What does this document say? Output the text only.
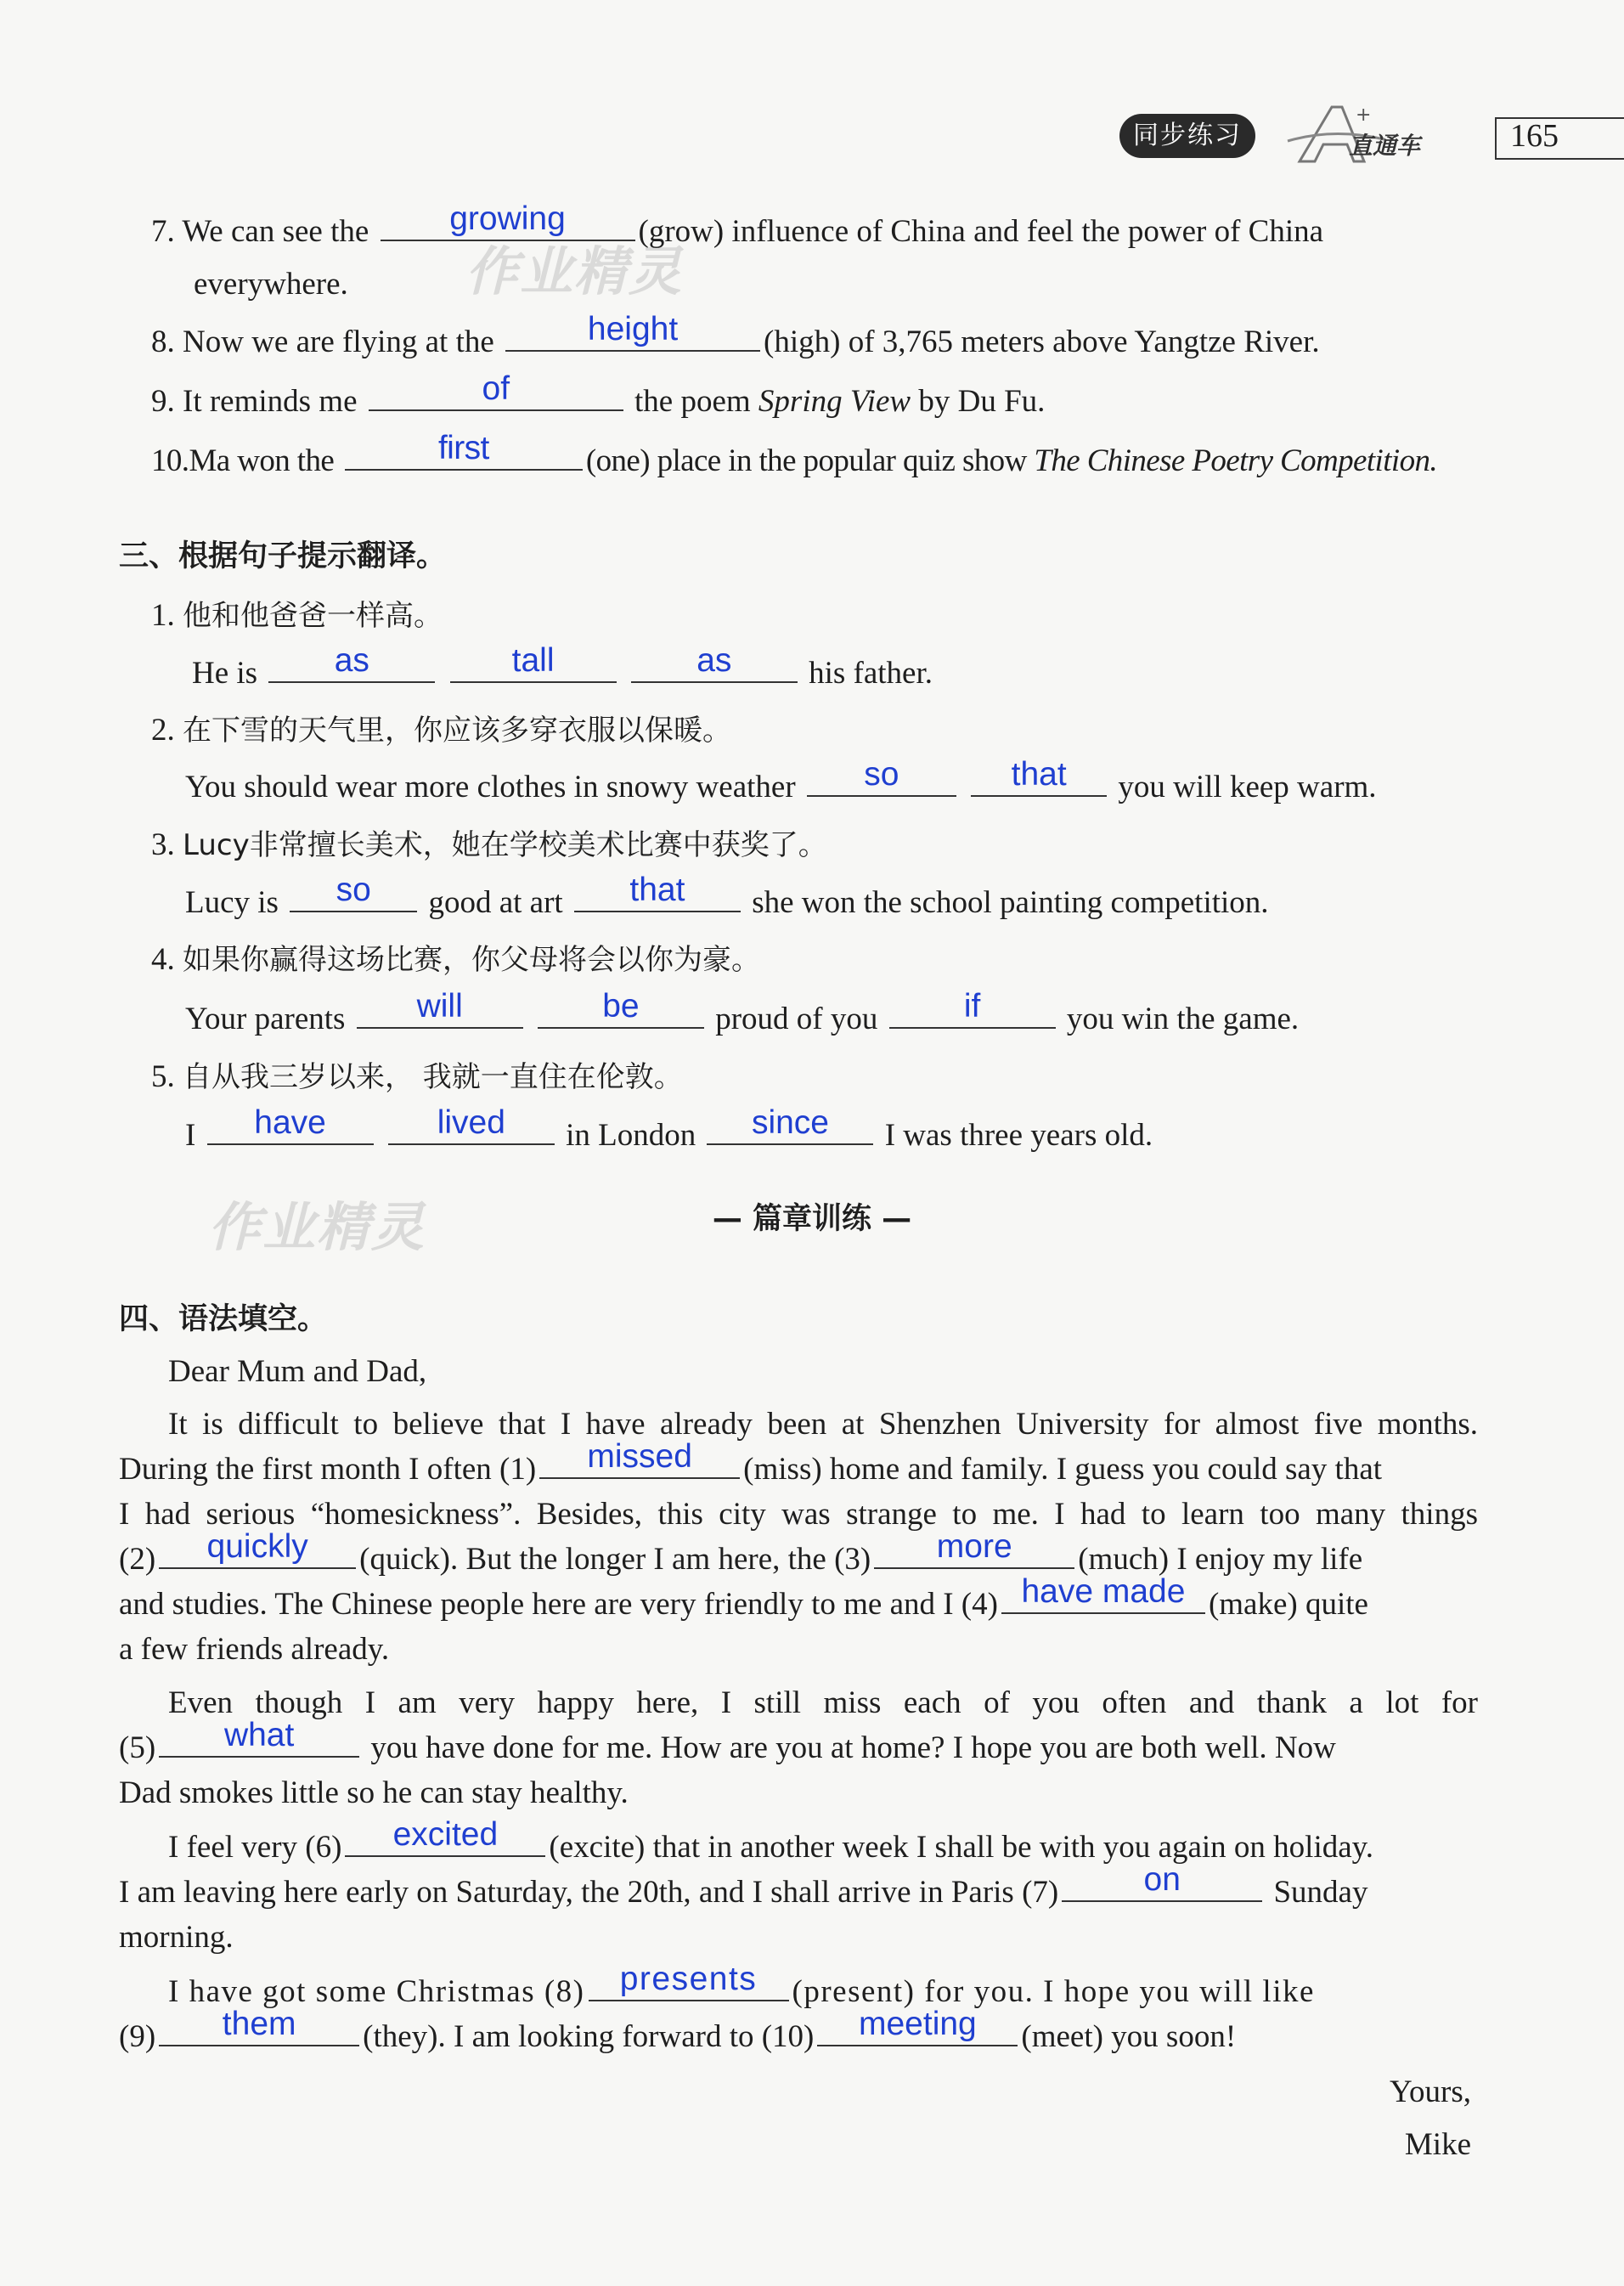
同步练习
+
直通车	165
7. We can see the	growing	(grow) influence of China and feel the power of China
everywhere.
8. Now we are flying at the	height	(high) of 3,765 meters above Yangtze River.
9. It reminds me	of	the poem Spring View by Du Fu.
10.Ma won the	first	(one) place in the popular quiz show The Chinese Poetry Competition.
作业精灵
三、根据句子提示翻译。
1. 他和他爸爸一样高。
He is	as
	tall
	as	his father.
2. 在下雪的天气里，你应该多穿衣服以保暖。
You should wear more clothes in snowy weather	so
	that	you will keep warm.
3. Lucy非常擅长美术，她在学校美术比赛中获奖了。
Lucy is	so	good at art	that	she won the school painting competition.
4. 如果你赢得这场比赛，你父母将会以你为豪。
Your parents	will
	be	proud of you	if	you win the game.
5. 自从我三岁以来， 我就一直住在伦敦。
I	have
	lived	in London	since	I was three years old.
作业精灵	— 篇章训练 —
四、语法填空。
Dear Mum and Dad,
It is difficult to believe that I have already been at Shenzhen University for almost five months.
During the first month I often (1)	missed	(miss) home and family. I guess you could say that
I had serious “homesickness”. Besides, this city was strange to me. I had to learn too many things
(2)	quickly	(quick). But the longer I am here, the (3)	more	(much) I enjoy my life
and studies. The Chinese people here are very friendly to me and I (4) have made (make) quite
a few friends already.
Even though I am very happy here, I still miss each of you often and thank a lot for
(5)	what	you have done for me. How are you at home? I hope you are both well. Now
Dad smokes little so he can stay healthy.
I feel very (6)	excited	(excite) that in another week I shall be with you again on holiday.
I am leaving here early on Saturday, the 20th, and I shall arrive in Paris (7)	on	Sunday
morning.
I have got some Christmas (8)	presents	(present) for you. I hope you will like
(9)	them	(they). I am looking forward to (10)	meeting	(meet) you soon!
Yours,
Mike
